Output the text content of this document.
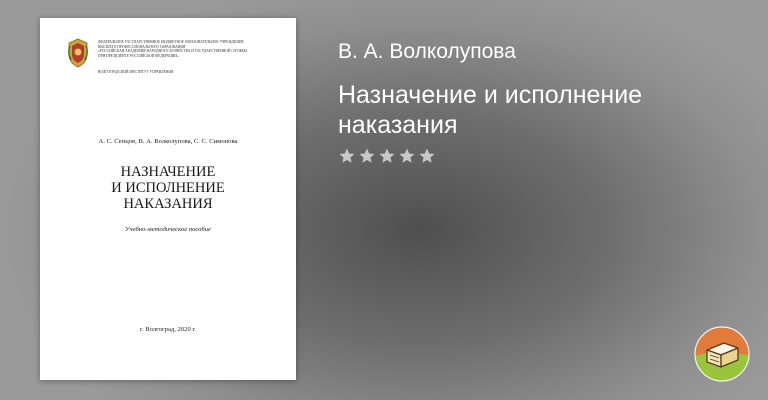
ФЕДЕРАЛЬНОЕ ГОСУДАРСТВЕННОЕ БЮДЖЕТНОЕ ОБРАЗОВАТЕЛЬНОЕ УЧРЕЖДЕНИЕ
ВЫСШЕГО ПРОФЕССИОНАЛЬНОГО ОБРАЗОВАНИЯ
«РОССИЙСКАЯ АКАДЕМИЯ НАРОДНОГО ХОЗЯЙСТВА И ГОСУДАРСТВЕННОЙ СЛУЖБЫ
ПРИ ПРЕЗИДЕНТЕ РОССИЙСКОЙ ФЕДЕРАЦИИ»
ВОЛГОГРАДСКИЙ ИНСТИТУТ УПРАВЛЕНИЯ
А. С. Сенцов, В. А. Волколупова, С. С. Симонова
НАЗНАЧЕНИЕ
И ИСПОЛНЕНИЕ
НАКАЗАНИЯ
Учебно-методическое пособие
г. Волгоград, 2020 г.
В. А. Волколупова
Назначение и исполнение
наказания
